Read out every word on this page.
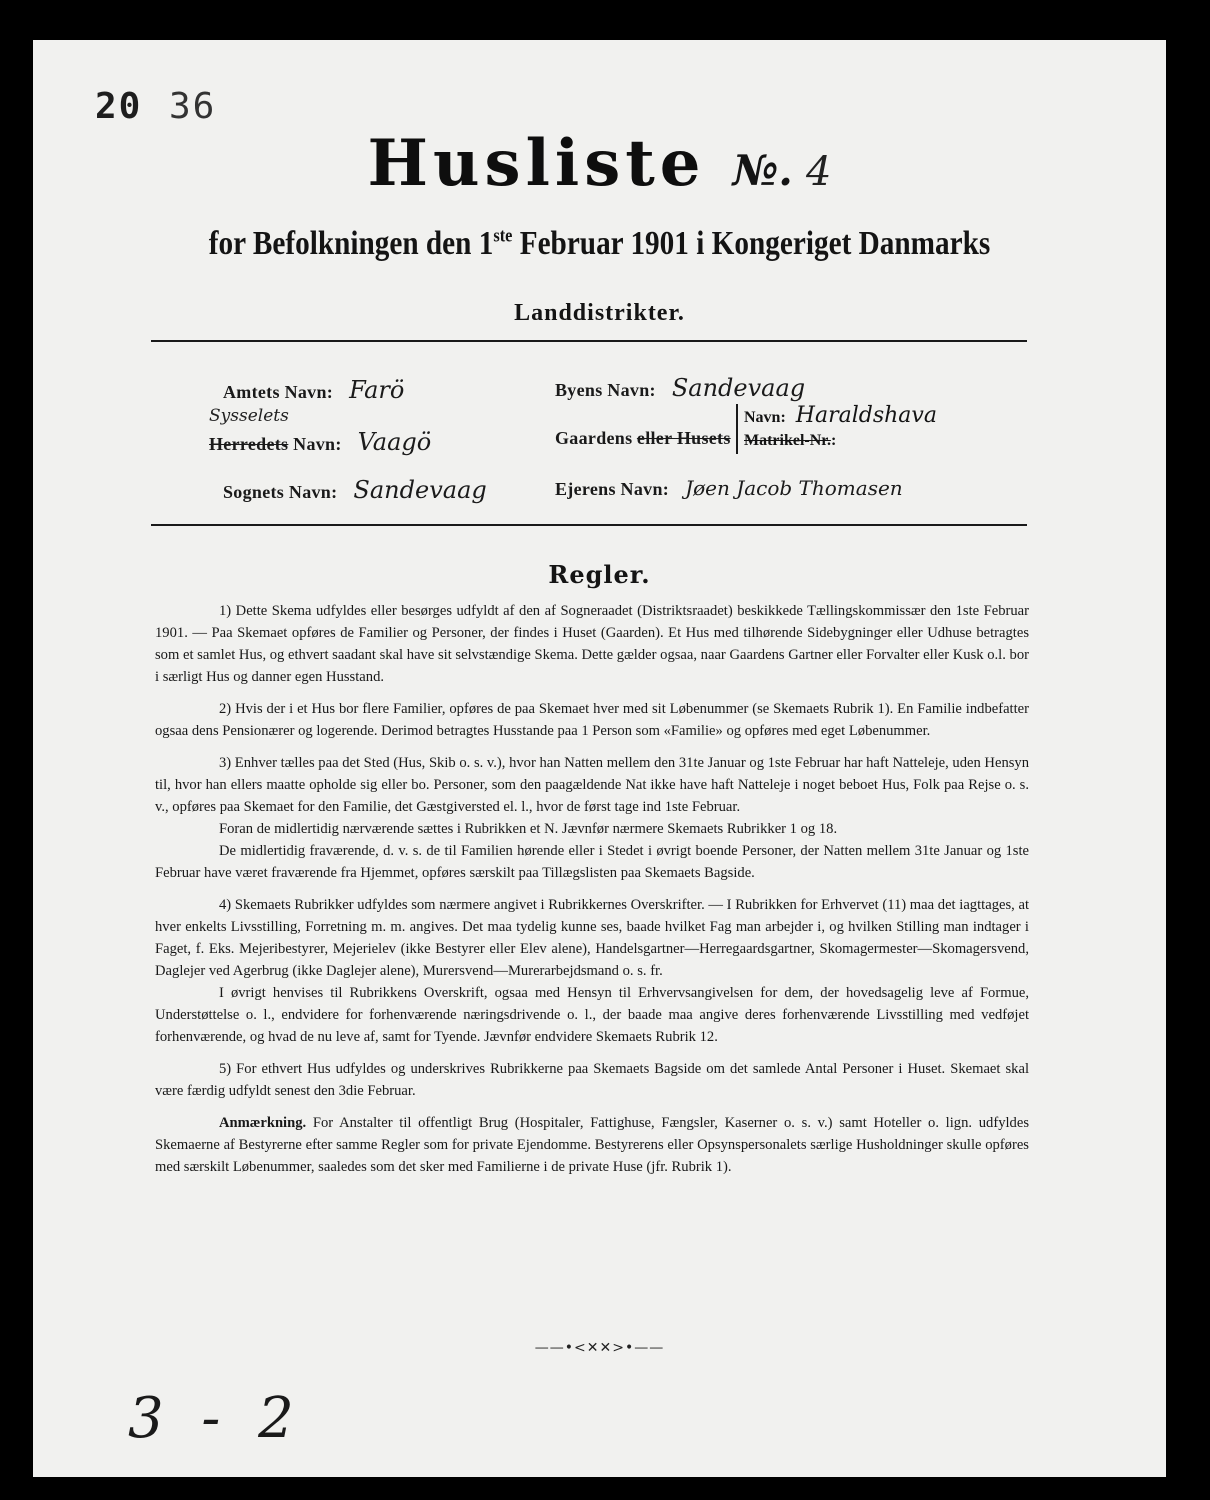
20 36
Husliste №. 4
for Befolkningen den 1ste Februar 1901 i Kongeriget Danmarks
Landdistrikter.
Amtets Navn: Farö
Sysselets
Herredets Navn: Vaagö
Sognets Navn: Sandevaag
Byens Navn: Sandevaag
Gaardens eller Husets
Navn: Haraldshava
Matrikel-Nr.:
Ejerens Navn: Jøen Jacob Thomasen
Regler.

1) Dette Skema udfyldes eller besørges udfyldt af den af Sogneraadet (Distriktsraadet) beskikkede Tællingskommissær den 1ste Februar 1901. — Paa Skemaet opføres de Familier og Personer, der findes i Huset (Gaarden). Et Hus med tilhørende Sidebygninger eller Udhuse betragtes som et samlet Hus, og ethvert saadant skal have sit selvstændige Skema. Dette gælder ogsaa, naar Gaardens Gartner eller Forvalter eller Kusk o.l. bor i særligt Hus og danner egen Husstand.

2) Hvis der i et Hus bor flere Familier, opføres de paa Skemaet hver med sit Løbenummer (se Skemaets Rubrik 1). En Familie indbefatter ogsaa dens Pensionærer og logerende. Derimod betragtes Husstande paa 1 Person som «Familie» og opføres med eget Løbenummer.

3) Enhver tælles paa det Sted (Hus, Skib o. s. v.), hvor han Natten mellem den 31te Januar og 1ste Februar har haft Natteleje, uden Hensyn til, hvor han ellers maatte opholde sig eller bo. Personer, som den paagældende Nat ikke have haft Natteleje i noget beboet Hus, Folk paa Rejse o. s. v., opføres paa Skemaet for den Familie, det Gæstgiversted el. l., hvor de først tage ind 1ste Februar.

Foran de midlertidig nærværende sættes i Rubrikken et N. Jævnfør nærmere Skemaets Rubrikker 1 og 18.

De midlertidig fraværende, d. v. s. de til Familien hørende eller i Stedet i øvrigt boende Personer, der Natten mellem 31te Januar og 1ste Februar have været fraværende fra Hjemmet, opføres særskilt paa Tillægslisten paa Skemaets Bagside.

4) Skemaets Rubrikker udfyldes som nærmere angivet i Rubrikkernes Overskrifter. — I Rubrikken for Erhvervet (11) maa det iagttages, at hver enkelts Livsstilling, Forretning m. m. angives. Det maa tydelig kunne ses, baade hvilket Fag man arbejder i, og hvilken Stilling man indtager i Faget, f. Eks. Mejeribestyrer, Mejerielev (ikke Bestyrer eller Elev alene), Handelsgartner—Herregaardsgartner, Skomagermester—Skomagersvend, Daglejer ved Agerbrug (ikke Daglejer alene), Murersvend—Murerarbejdsmand o. s. fr.

I øvrigt henvises til Rubrikkens Overskrift, ogsaa med Hensyn til Erhvervsangivelsen for dem, der hovedsagelig leve af Formue, Understøttelse o. l., endvidere for forhenværende næringsdrivende o. l., der baade maa angive deres forhenværende Livsstilling med vedføjet forhenværende, og hvad de nu leve af, samt for Tyende. Jævnfør endvidere Skemaets Rubrik 12.

5) For ethvert Hus udfyldes og underskrives Rubrikkerne paa Skemaets Bagside om det samlede Antal Personer i Huset. Skemaet skal være færdig udfyldt senest den 3die Februar.

Anmærkning. For Anstalter til offentligt Brug (Hospitaler, Fattighuse, Fængsler, Kaserner o. s. v.) samt Hoteller o. lign. udfyldes Skemaerne af Bestyrerne efter samme Regler som for private Ejendomme. Bestyrerens eller Opsynspersonalets særlige Husholdninger skulle opføres med særskilt Løbenummer, saaledes som det sker med Familierne i de private Huse (jfr. Rubrik 1).

——•<✕✕>•——
3 - 2
